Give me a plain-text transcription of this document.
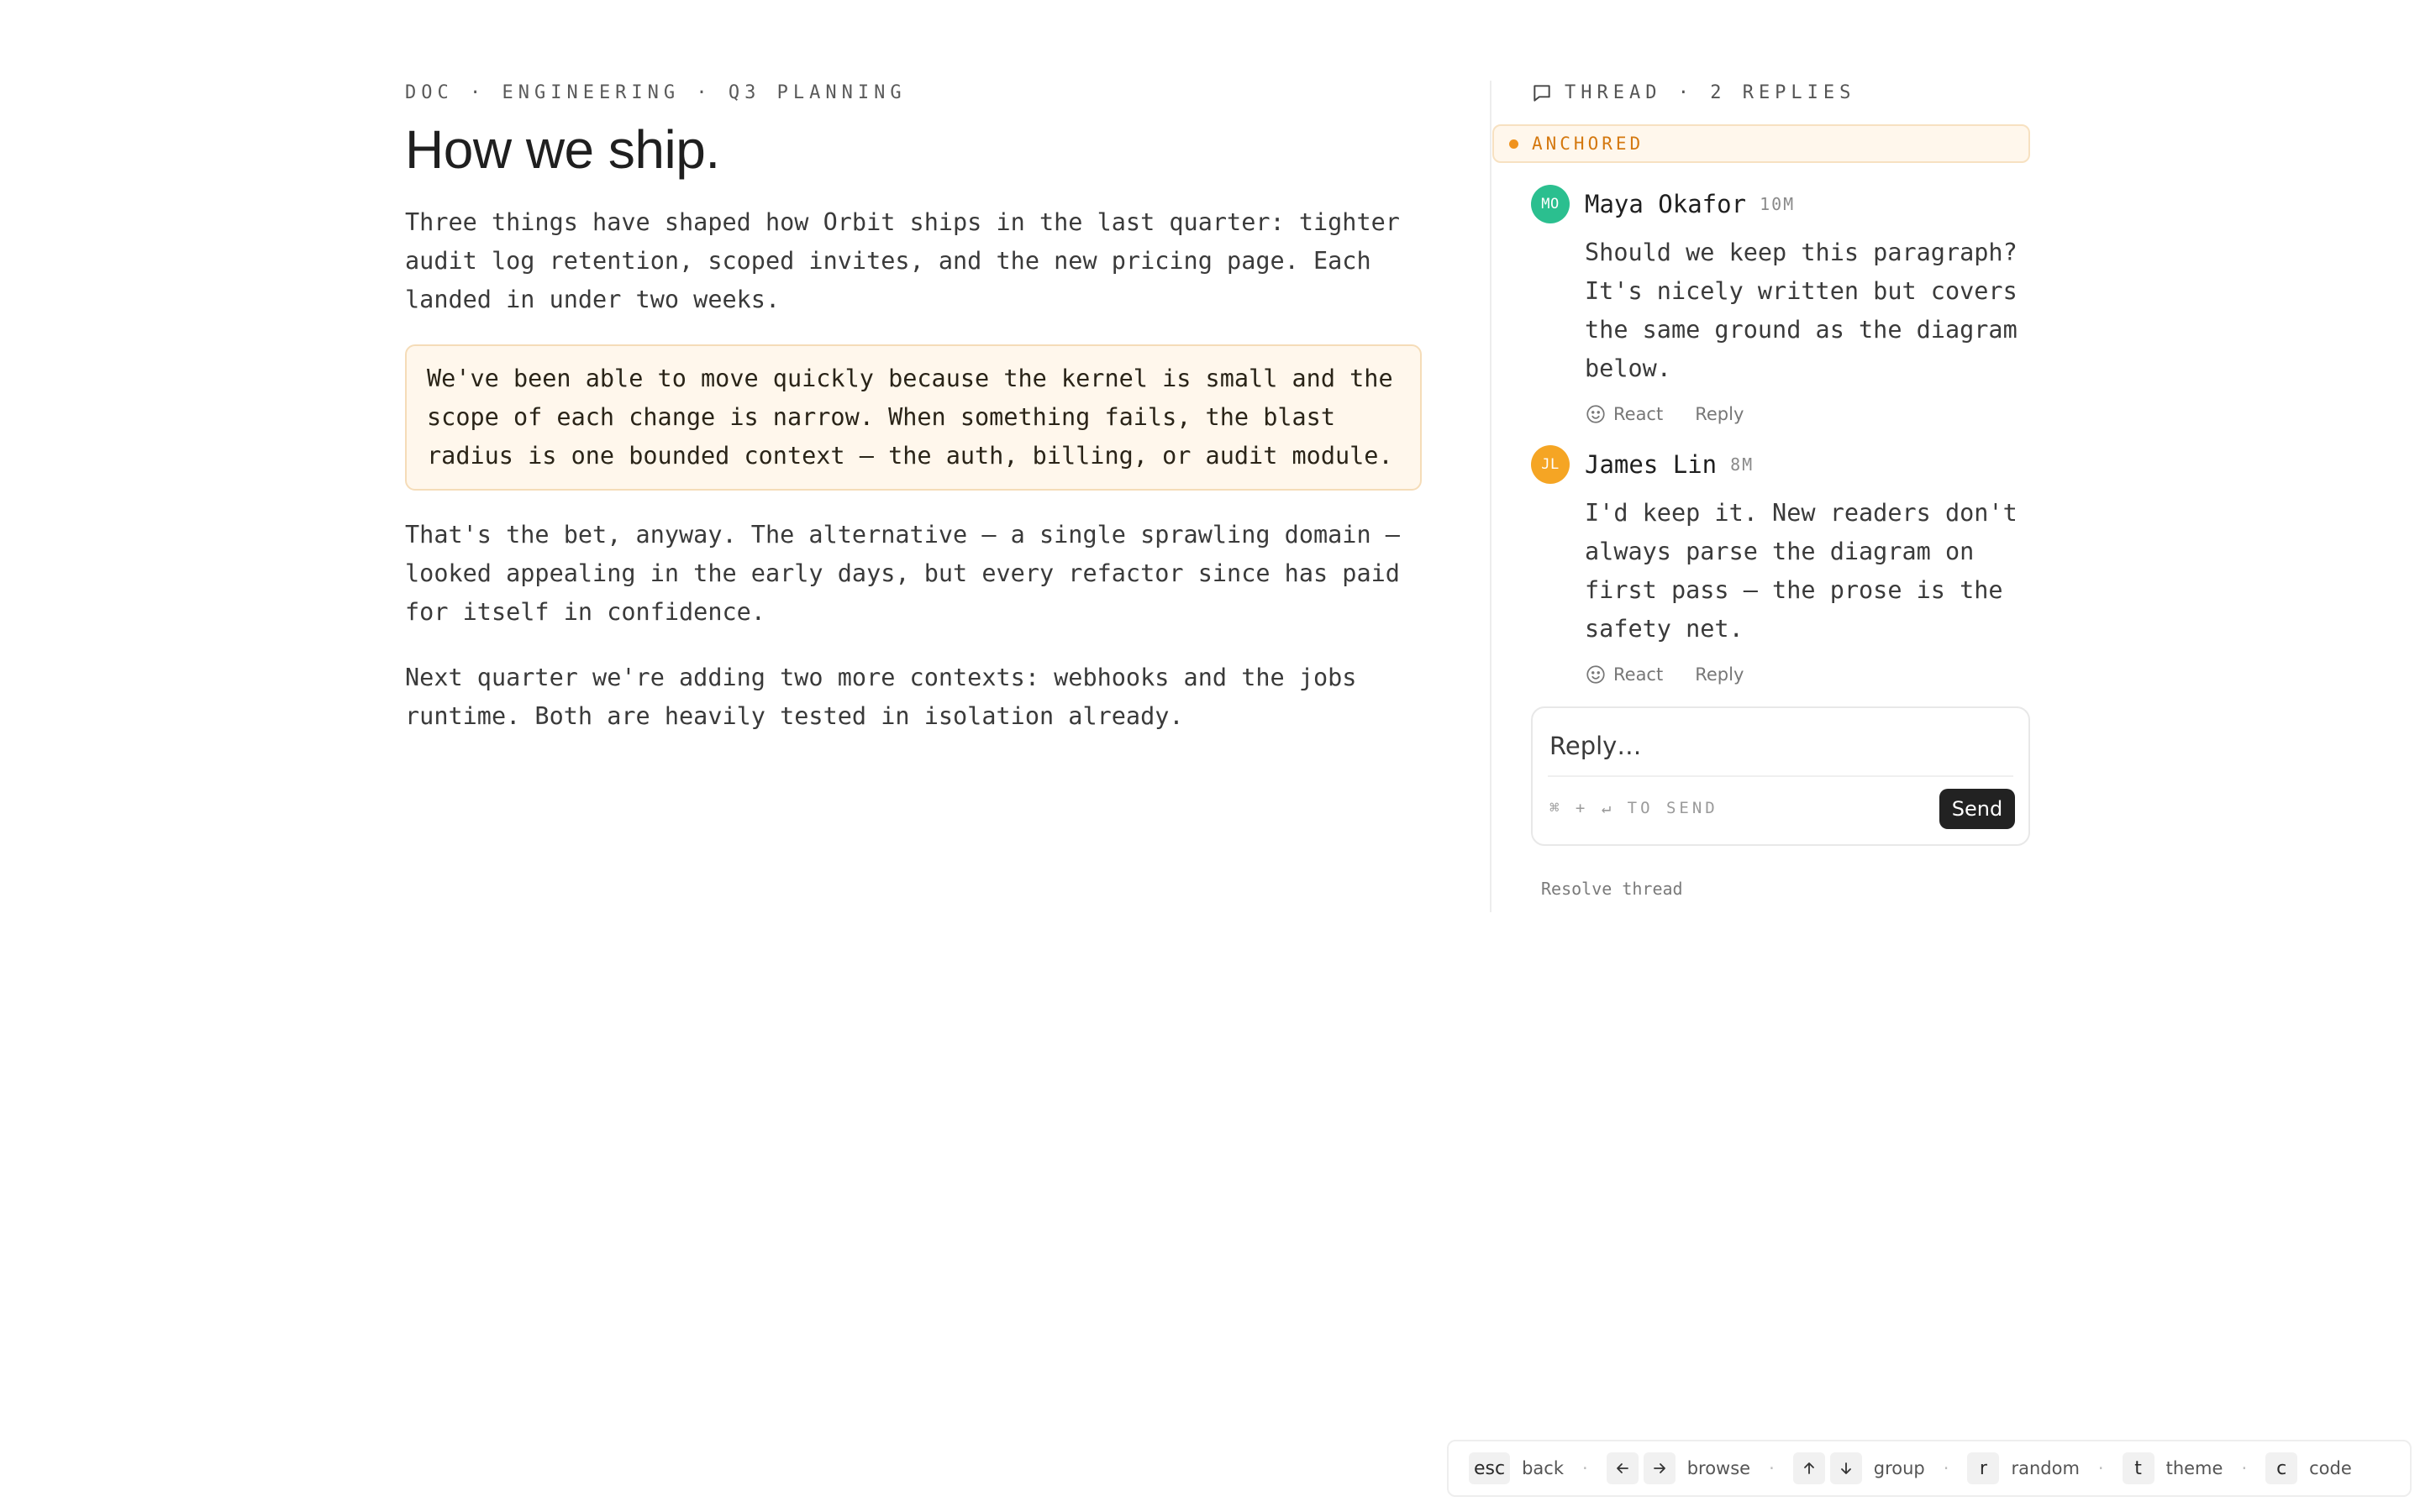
DOC · ENGINEERING · Q3 PLANNING
How we ship.

Three things have shaped how Orbit ships in the last quarter: tighter audit log retention, scoped invites, and the new pricing page. Each landed in under two weeks.

We've been able to move quickly because the kernel is small and the scope of each change is narrow. When something fails, the blast radius is one bounded context — the auth, billing, or audit module.

That's the bet, anyway. The alternative — a single sprawling domain — looked appealing in the early days, but every refactor since has paid for itself in confidence.

Next quarter we're adding two more contexts: webhooks and the jobs runtime. Both are heavily tested in isolation already.

THREAD · 2 REPLIES
ANCHORED
MO	Maya Okafor 10M
Should we keep this paragraph? It's nicely written but covers the same ground as the diagram below.
React Reply
JL	James Lin 8M
I'd keep it. New readers don't always parse the diagram on first pass — the prose is the safety net.
React Reply
Reply…
⌘ + ↵ TO SEND	Send
Resolve thread
esc back ·	browse ·	group ·	r	random ·	t	theme ·	c	code
